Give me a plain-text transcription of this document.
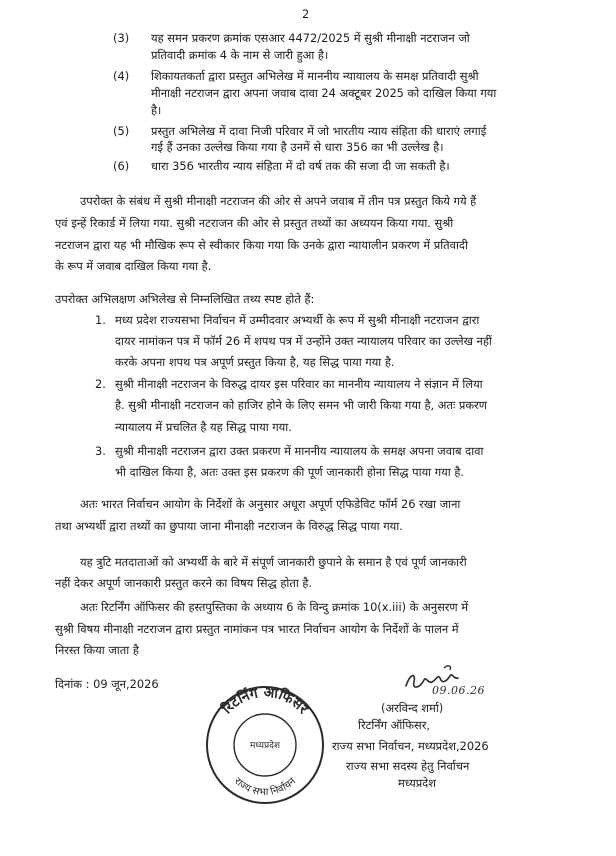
2
(3) यह समन प्रकरण क्रमांक एसआर 4472/2025 में सुश्री मीनाक्षी नटराजन जो
प्रतिवादी क्रमांक 4 के नाम से जारी हुआ है।
(4) शिकायतकर्ता द्वारा प्रस्तुत अभिलेख में माननीय न्यायालय के समक्ष प्रतिवादी सुश्री
मीनाक्षी नटराजन द्वारा अपना जवाब दावा 24 अक्टूबर 2025 को दाखिल किया गया
है।
(5) प्रस्तुत अभिलेख में दावा निजी परिवार में जो भारतीय न्याय संहिता की धाराएं लगाई
गई हैं उनका उल्लेख किया गया है उनमें से धारा 356 का भी उल्लेख है।
(6) धारा 356 भारतीय न्याय संहिता में दो वर्ष तक की सजा दी जा सकती है।
उपरोक्त के संबंध में सुश्री मीनाक्षी नटराजन की ओर से अपने जवाब में तीन पत्र प्रस्तुत किये गये हैं
एवं इन्हें रिकार्ड में लिया गया. सुश्री नटराजन की ओर से प्रस्तुत तथ्यों का अध्ययन किया गया. सुश्री
नटराजन द्वारा यह भी मौखिक रूप से स्वीकार किया गया कि उनके द्वारा न्यायालीन प्रकरण में प्रतिवादी
के रूप में जवाब दाखिल किया गया है.
उपरोक्त अभिलक्षण अभिलेख से निम्नलिखित तथ्य स्पष्ट होते हैं:
1. मध्य प्रदेश राज्यसभा निर्वाचन में उम्मीदवार अभ्यर्थी के रूप में सुश्री मीनाक्षी नटराजन द्वारा
दायर नामांकन पत्र में फॉर्म 26 में शपथ पत्र में उन्होंने उक्त न्यायालय परिवार का उल्लेख नहीं
करके अपना शपथ पत्र अपूर्ण प्रस्तुत किया है, यह सिद्ध पाया गया है.
2. सुश्री मीनाक्षी नटराजन के विरुद्ध दायर इस परिवार का माननीय न्यायालय ने संज्ञान में लिया
है. सुश्री मीनाक्षी नटराजन को हाजिर होने के लिए समन भी जारी किया गया है, अतः प्रकरण
न्यायालय में प्रचलित है यह सिद्ध पाया गया.
3. सुश्री मीनाक्षी नटराजन द्वारा उक्त प्रकरण में माननीय न्यायालय के समक्ष अपना जवाब दावा
भी दाखिल किया है, अतः उक्त इस प्रकरण की पूर्ण जानकारी होना सिद्ध पाया गया है.
अतः भारत निर्वाचन आयोग के निर्देशों के अनुसार अधूरा अपूर्ण एफिडेविट फॉर्म 26 रखा जाना
तथा अभ्यर्थी द्वारा तथ्यों का छुपाया जाना मीनाक्षी नटराजन के विरुद्ध सिद्ध पाया गया.
यह त्रुटि मतदाताओं को अभ्यर्थी के बारे में संपूर्ण जानकारी छुपाने के समान है एवं पूर्ण जानकारी
नहीं देकर अपूर्ण जानकारी प्रस्तुत करने का विषय सिद्ध होता है.
अतः रिटर्निंग ऑफिसर की हस्तपुस्तिका के अध्याय 6 के विन्दु क्रमांक 10(x.iii) के अनुसरण में
सुश्री विषय मीनाक्षी नटराजन द्वारा प्रस्तुत नामांकन पत्र भारत निर्वाचन आयोग के निर्देशों के पालन में
निरस्त किया जाता है
दिनांक : 09 जून,2026	09.06.26
(अरविन्द शर्मा)
रिटर्निंग ऑफिसर,
राज्य सभा निर्वाचन, मध्यप्रदेश,2026
राज्य सभा सदस्य हेतु निर्वाचन
मध्यप्रदेश
रिटर्निंग आफिसर
मध्यप्रदेश
राज्य सभा निर्वाचन
